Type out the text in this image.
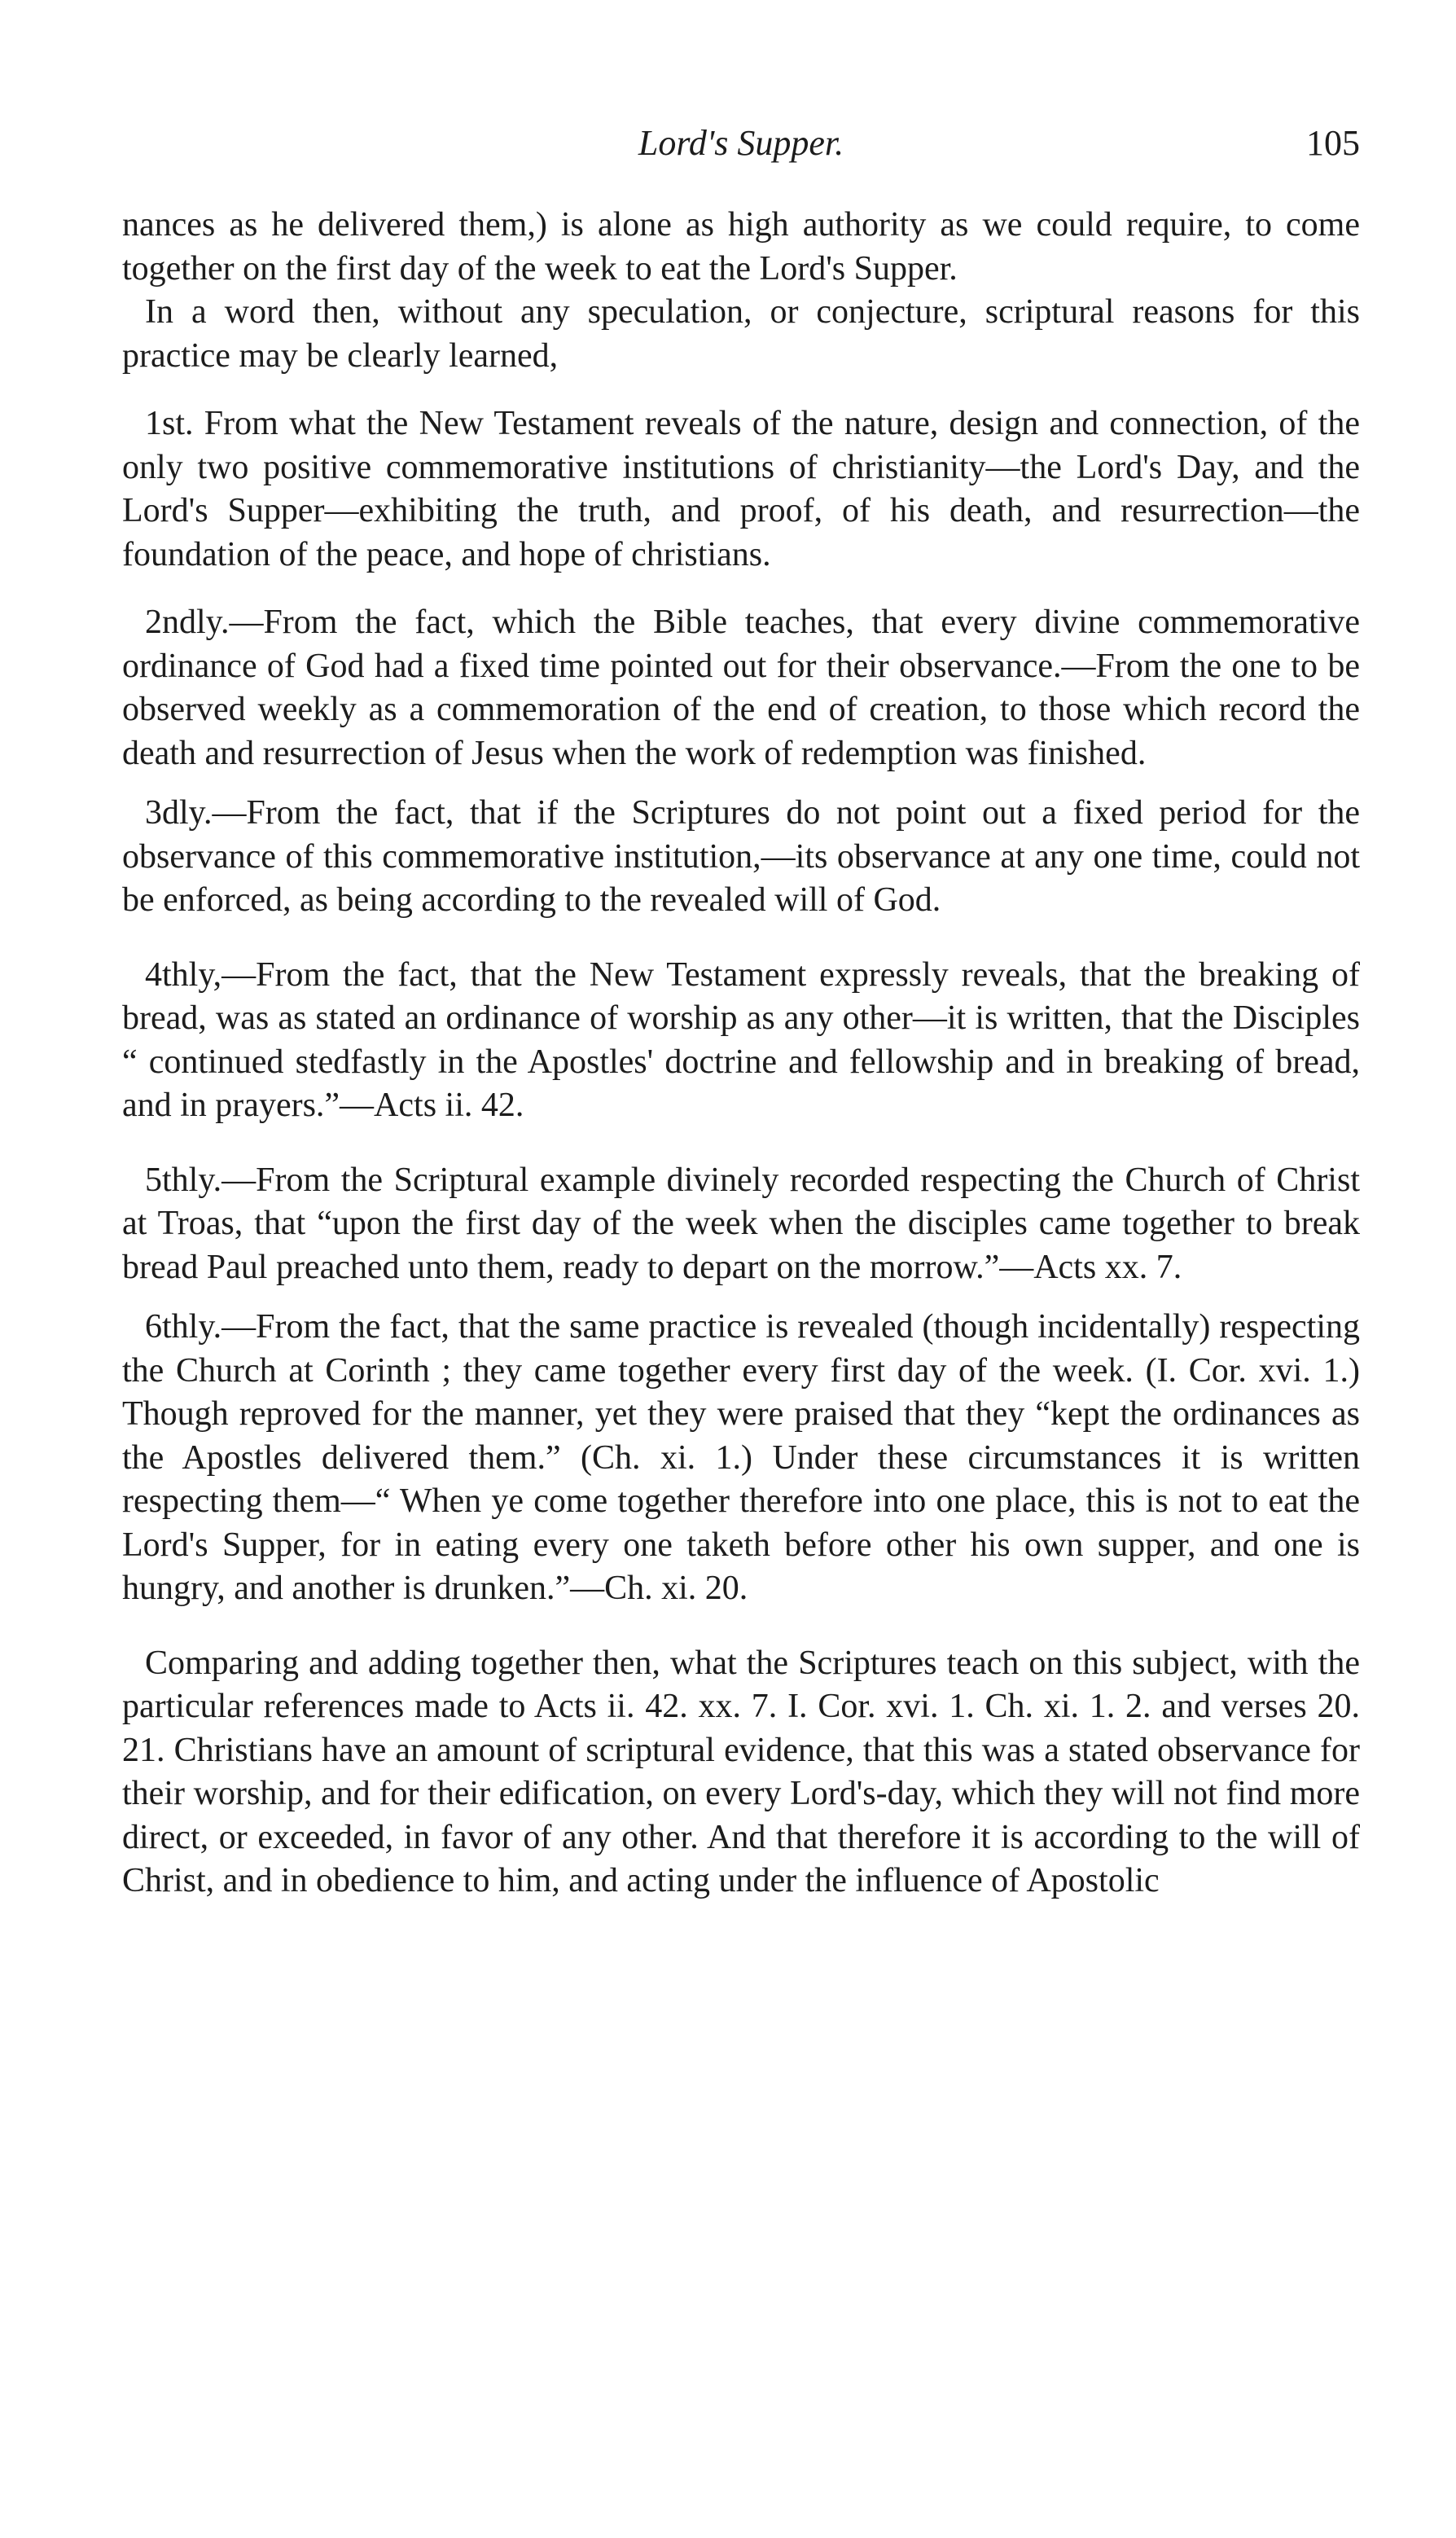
Lord's Supper.	105

nances as he delivered them,) is alone as high authority as we could require, to come together on the first day of the week to eat the Lord's Supper.

In a word then, without any speculation, or conjecture, scriptural reasons for this practice may be clearly learned,

1st. From what the New Testament reveals of the nature, design and connection, of the only two positive commemorative institutions of christianity—the Lord's Day, and the Lord's Supper—exhibiting the truth, and proof, of his death, and resurrection—the foundation of the peace, and hope of christians.

2ndly.—From the fact, which the Bible teaches, that every divine commemorative ordinance of God had a fixed time pointed out for their observance.—From the one to be observed weekly as a commemoration of the end of creation, to those which record the death and resurrection of Jesus when the work of redemption was finished.

3dly.—From the fact, that if the Scriptures do not point out a fixed period for the observance of this commemorative institution,—its observance at any one time, could not be enforced, as being according to the revealed will of God.

4thly,—From the fact, that the New Testament expressly reveals, that the breaking of bread, was as stated an ordinance of worship as any other—it is written, that the Disciples “ continued stedfastly in the Apostles' doctrine and fellowship and in breaking of bread, and in prayers.”—Acts ii. 42.

5thly.—From the Scriptural example divinely recorded respecting the Church of Christ at Troas, that “upon the first day of the week when the disciples came together to break bread Paul preached unto them, ready to depart on the morrow.”—Acts xx. 7.

6thly.—From the fact, that the same practice is revealed (though incidentally) respecting the Church at Corinth ; they came together every first day of the week. (I. Cor. xvi. 1.) Though reproved for the manner, yet they were praised that they “kept the ordinances as the Apostles delivered them.” (Ch. xi. 1.) Under these circumstances it is written respecting them—“ When ye come together therefore into one place, this is not to eat the Lord's Supper, for in eating every one taketh before other his own supper, and one is hungry, and another is drunken.”—Ch. xi. 20.

Comparing and adding together then, what the Scriptures teach on this subject, with the particular references made to Acts ii. 42. xx. 7. I. Cor. xvi. 1. Ch. xi. 1. 2. and verses 20. 21. Christians have an amount of scriptural evidence, that this was a stated observance for their worship, and for their edification, on every Lord's-day, which they will not find more direct, or exceeded, in favor of any other. And that therefore it is according to the will of Christ, and in obedience to him, and acting under the influence of Apostolic
